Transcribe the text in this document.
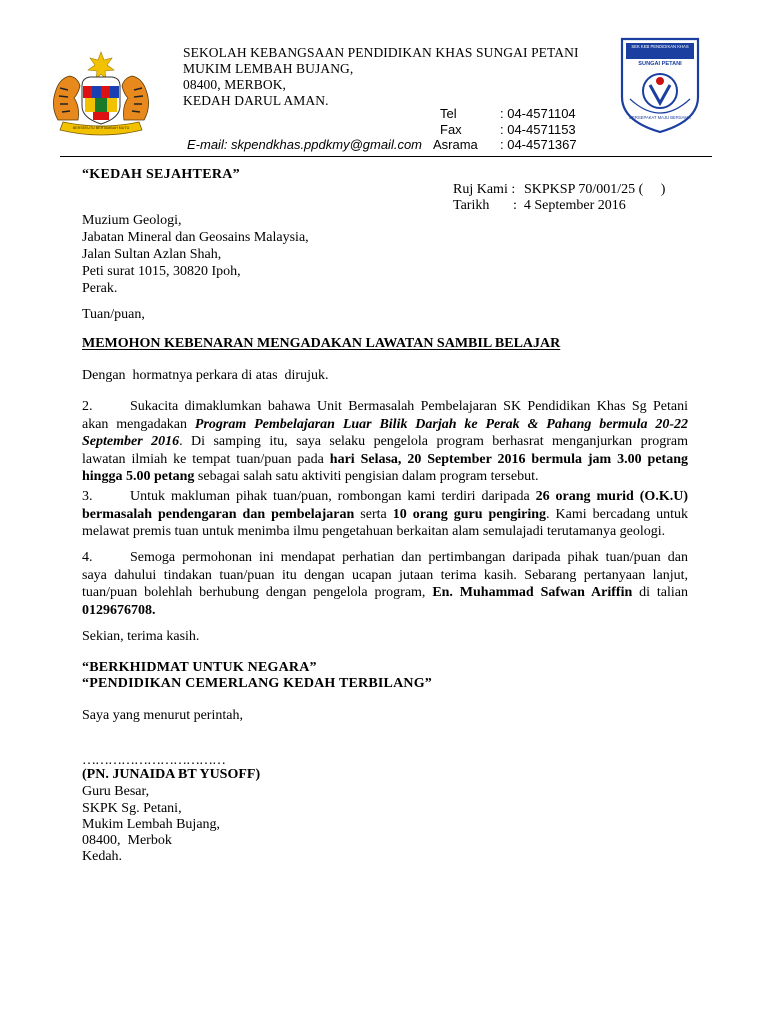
BERSEKUTU BERTAMBAH MUTU
SEKOLAH KEBANGSAAN PENDIDIKAN KHAS SUNGAI PETANI
MUKIM LEMBAH BUJANG,
08400, MERBOK,
KEDAH DARUL AMAN.
Tel	: 04-4571104
Fax	: 04-4571153
E-mail: skpendkhas.ppdkmy@gmail.com Asrama : 04-4571367
SEK KEB PENDIDIKAN KHAS
SUNGAI PETANI
BERSEPAKAT MAJU BERSAMA
“KEDAH SEJAHTERA”
Ruj Kami : SKPKSP 70/001/25 (     )
Tarikh :  4 September 2016
Muzium Geologi,
Jabatan Mineral dan Geosains Malaysia,
Jalan Sultan Azlan Shah,
Peti surat 1015, 30820 Ipoh,
Perak.
Tuan/puan,
MEMOHON KEBENARAN MENGADAKAN LAWATAN SAMBIL BELAJAR
Dengan  hormatnya perkara di atas  dirujuk.
2.	Sukacita dimaklumkan bahawa Unit Bermasalah Pembelajaran SK Pendidikan Khas Sg Petani
akan mengadakan Program Pembelajaran Luar Bilik Darjah ke Perak & Pahang bermula 20-22
September 2016. Di samping itu, saya selaku pengelola program berhasrat menganjurkan program
lawatan ilmiah ke tempat tuan/puan pada hari Selasa, 20 September 2016 bermula jam 3.00 petang
hingga 5.00 petang sebagai salah satu aktiviti pengisian dalam program tersebut.
3.	Untuk makluman pihak tuan/puan, rombongan kami terdiri daripada 26 orang murid (O.K.U)
bermasalah pendengaran dan pembelajaran serta 10 orang guru pengiring. Kami bercadang untuk
melawat premis tuan untuk menimba ilmu pengetahuan berkaitan alam semulajadi terutamanya geologi.
4.	Semoga permohonan ini mendapat perhatian dan pertimbangan daripada pihak tuan/puan dan
saya dahului tindakan tuan/puan itu dengan ucapan jutaan terima kasih. Sebarang pertanyaan lanjut,
tuan/puan bolehlah berhubung dengan pengelola program, En. Muhammad Safwan Ariffin di talian
0129676708.
Sekian, terima kasih.
“BERKHIDMAT UNTUK NEGARA”
“PENDIDIKAN CEMERLANG KEDAH TERBILANG”
Saya yang menurut perintah,
……………………………
(PN. JUNAIDA BT YUSOFF)
Guru Besar,
SKPK Sg. Petani,
Mukim Lembah Bujang,
08400,  Merbok
Kedah.
